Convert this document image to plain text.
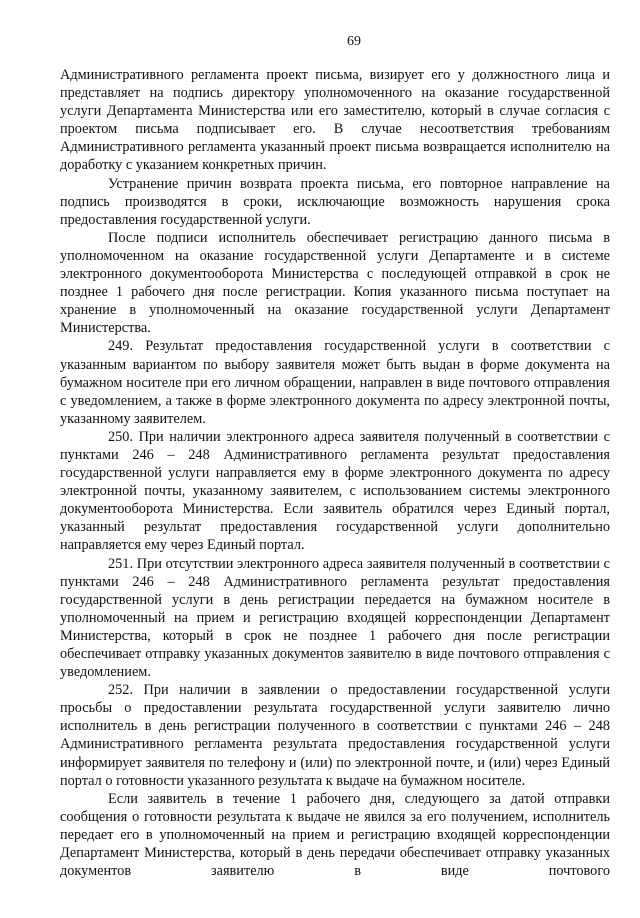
69

Административного регламента проект письма, визирует его у должностного лица и представляет на подпись директору уполномоченного на оказание государственной услуги Департамента Министерства или его заместителю, который в случае согласия с проектом письма подписывает его. В случае несоответствия требованиям Административного регламента указанный проект письма возвращается исполнителю на доработку с указанием конкретных причин.

Устранение причин возврата проекта письма, его повторное направление на подпись производятся в сроки, исключающие возможность нарушения срока предоставления государственной услуги.

После подписи исполнитель обеспечивает регистрацию данного письма в уполномоченном на оказание государственной услуги Департаменте и в системе электронного документооборота Министерства с последующей отправкой в срок не позднее 1 рабочего дня после регистрации. Копия указанного письма поступает на хранение в уполномоченный на оказание государственной услуги Департамент Министерства.

249. Результат предоставления государственной услуги в соответствии с указанным вариантом по выбору заявителя может быть выдан в форме документа на бумажном носителе при его личном обращении, направлен в виде почтового отправления с уведомлением, а также в форме электронного документа по адресу электронной почты, указанному заявителем.

250. При наличии электронного адреса заявителя полученный в соответствии с пунктами 246 – 248 Административного регламента результат предоставления государственной услуги направляется ему в форме электронного документа по адресу электронной почты, указанному заявителем, с использованием системы электронного документооборота Министерства. Если заявитель обратился через Единый портал, указанный результат предоставления государственной услуги дополнительно направляется ему через Единый портал.

251. При отсутствии электронного адреса заявителя полученный в соответствии с пунктами 246 – 248 Административного регламента результат предоставления государственной услуги в день регистрации передается на бумажном носителе в уполномоченный на прием и регистрацию входящей корреспонденции Департамент Министерства, который в срок не позднее 1 рабочего дня после регистрации обеспечивает отправку указанных документов заявителю в виде почтового отправления с уведомлением.

252. При наличии в заявлении о предоставлении государственной услуги просьбы о предоставлении результата государственной услуги заявителю лично исполнитель в день регистрации полученного в соответствии с пунктами 246 – 248 Административного регламента результата предоставления государственной услуги информирует заявителя по телефону и (или) по электронной почте, и (или) через Единый портал о готовности указанного результата к выдаче на бумажном носителе.

Если заявитель в течение 1 рабочего дня, следующего за датой отправки сообщения о готовности результата к выдаче не явился за его получением, исполнитель передает его в уполномоченный на прием и регистрацию входящей корреспонденции Департамент Министерства, который в день передачи обеспечивает отправку указанных документов заявителю в виде почтового
